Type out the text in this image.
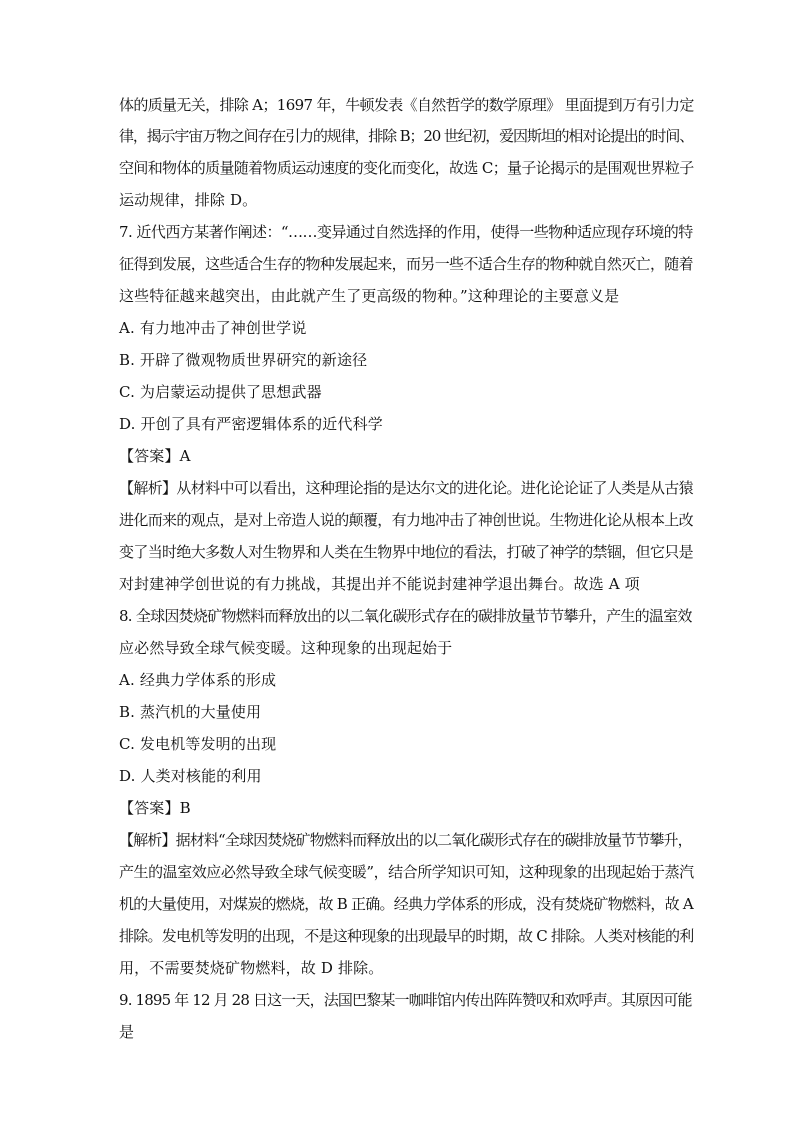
体的质量无关，排除 A；1697 年，牛顿发表《自然哲学的数学原理》 里面提到万有引力定
律，揭示宇宙万物之间存在引力的规律，排除 B；20 世纪初，爱因斯坦的相对论提出的时间、
空间和物体的质量随着物质运动速度的变化而变化，故选 C；量子论揭示的是围观世界粒子
运动规律，排除 D。
7. 近代西方某著作阐述：“……变异通过自然选择的作用，使得一些物种适应现存环境的特
征得到发展，这些适合生存的物种发展起来，而另一些不适合生存的物种就自然灭亡，随着
这些特征越来越突出，由此就产生了更高级的物种。”这种理论的主要意义是
A. 有力地冲击了神创世学说
B. 开辟了微观物质世界研究的新途径
C. 为启蒙运动提供了思想武器
D. 开创了具有严密逻辑体系的近代科学
【答案】A
【解析】从材料中可以看出，这种理论指的是达尔文的进化论。进化论论证了人类是从古猿
进化而来的观点，是对上帝造人说的颠覆，有力地冲击了神创世说。生物进化论从根本上改
变了当时绝大多数人对生物界和人类在生物界中地位的看法，打破了神学的禁锢，但它只是
对封建神学创世说的有力挑战，其提出并不能说封建神学退出舞台。故选 A 项
8. 全球因焚烧矿物燃料而释放出的以二氧化碳形式存在的碳排放量节节攀升，产生的温室效
应必然导致全球气候变暖。这种现象的出现起始于
A. 经典力学体系的形成
B. 蒸汽机的大量使用
C. 发电机等发明的出现
D. 人类对核能的利用
【答案】B
【解析】据材料“全球因焚烧矿物燃料而释放出的以二氧化碳形式存在的碳排放量节节攀升，
产生的温室效应必然导致全球气候变暖”，结合所学知识可知，这种现象的出现起始于蒸汽
机的大量使用，对煤炭的燃烧，故 B 正确。经典力学体系的形成，没有焚烧矿物燃料，故 A
排除。发电机等发明的出现，不是这种现象的出现最早的时期，故 C 排除。人类对核能的利
用，不需要焚烧矿物燃料，故 D 排除。
9. 1895 年 12 月 28 日这一天，法国巴黎某一咖啡馆内传出阵阵赞叹和欢呼声。其原因可能
是
